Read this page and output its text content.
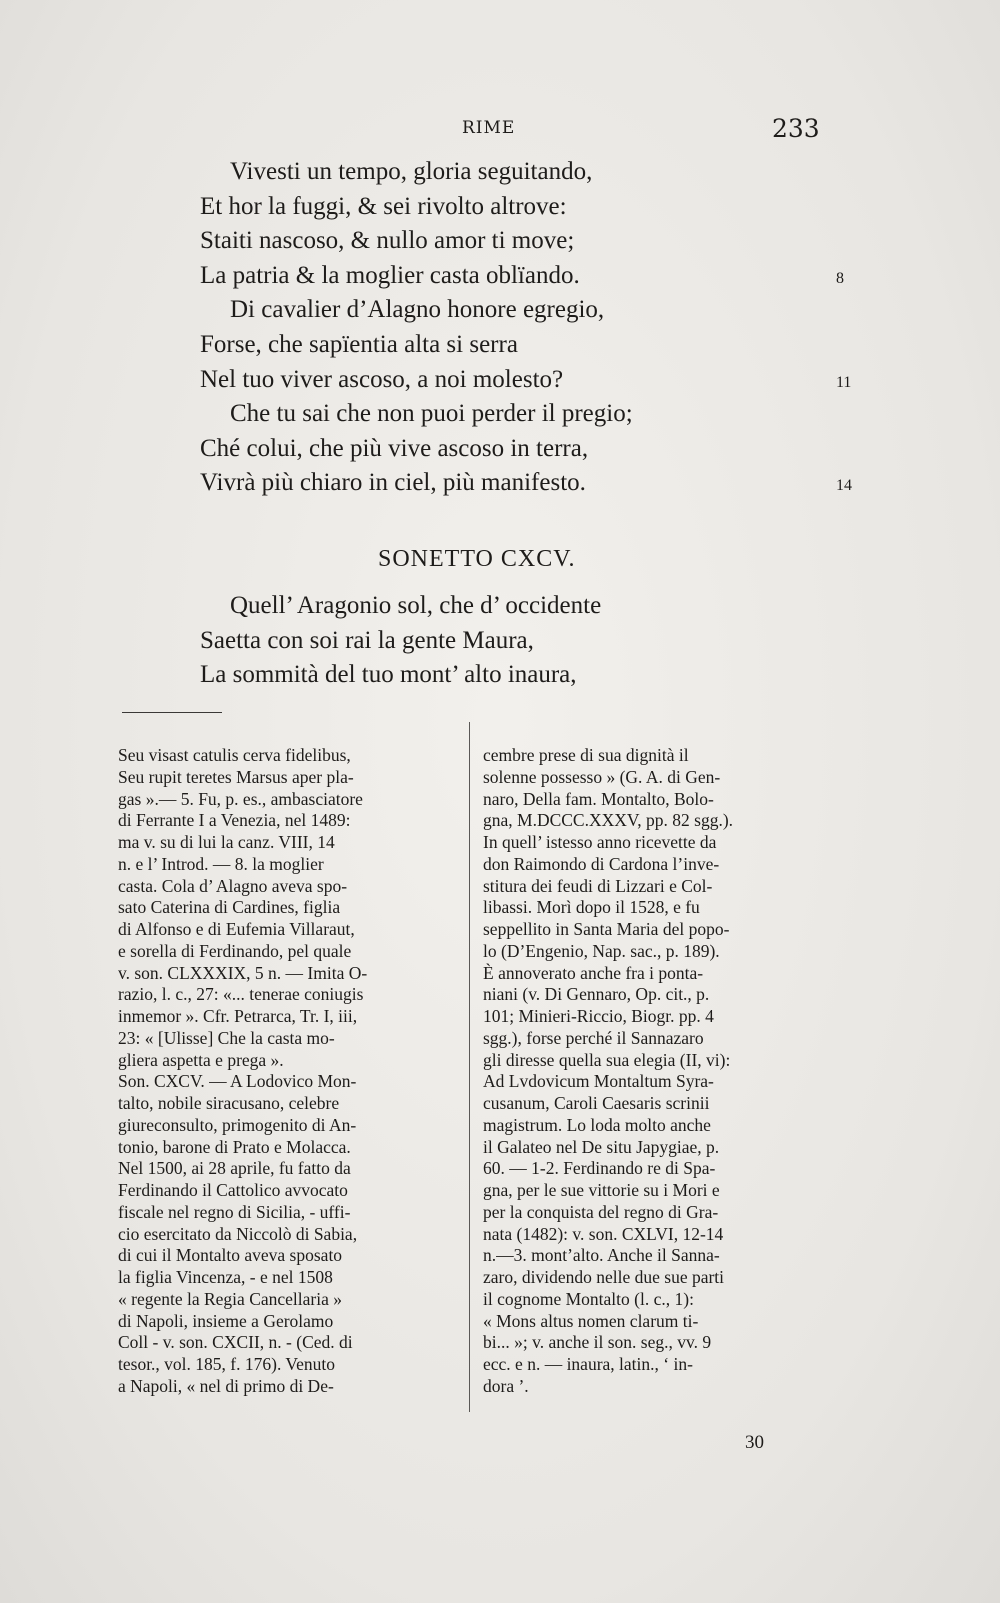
RIME	233
Vivesti un tempo, gloria seguitando,
Et hor la fuggi, & sei rivolto altrove:
Staiti nascoso, & nullo amor ti move;
La patria & la moglier casta oblïando.	8
Di cavalier d’Alagno honore egregio,
Forse, che sapïentia alta si serra
Nel tuo viver ascoso, a noi molesto?	11
Che tu sai che non puoi perder il pregio;
Ché colui, che più vive ascoso in terra,
Vivrà più chiaro in ciel, più manifesto.	14
SONETTO CXCV.
Quell’ Aragonio sol, che d’ occidente
Saetta con soi rai la gente Maura,
La sommità del tuo mont’ alto inaura,
Seu visast catulis cerva fidelibus,
Seu rupit teretes Marsus aper pla-
gas ».— 5. Fu, p. es., ambasciatore
di Ferrante I a Venezia, nel 1489:
ma v. su di lui la canz. VIII, 14
n. e l’ Introd. — 8. la moglier
casta. Cola d’ Alagno aveva spo-
sato Caterina di Cardines, figlia
di Alfonso e di Eufemia Villaraut,
e sorella di Ferdinando, pel quale
v. son. CLXXXIX, 5 n. — Imita O-
razio, l. c., 27: «... tenerae coniugis
inmemor ». Cfr. Petrarca, Tr. I, iii,
23: « [Ulisse] Che la casta mo-
gliera aspetta e prega ».
Son. CXCV. — A Lodovico Mon-
talto, nobile siracusano, celebre
giureconsulto, primogenito di An-
tonio, barone di Prato e Molacca.
Nel 1500, ai 28 aprile, fu fatto da
Ferdinando il Cattolico avvocato
fiscale nel regno di Sicilia, - uffi-
cio esercitato da Niccolò di Sabia,
di cui il Montalto aveva sposato
la figlia Vincenza, - e nel 1508
« regente la Regia Cancellaria »
di Napoli, insieme a Gerolamo
Coll - v. son. CXCII, n. - (Ced. di
tesor., vol. 185, f. 176). Venuto
a Napoli, « nel di primo di De-
cembre prese di sua dignità il
solenne possesso » (G. A. di Gen-
naro, Della fam. Montalto, Bolo-
gna, M.DCCC.XXXV, pp. 82 sgg.).
In quell’ istesso anno ricevette da
don Raimondo di Cardona l’inve-
stitura dei feudi di Lizzari e Col-
libassi. Morì dopo il 1528, e fu
seppellito in Santa Maria del popo-
lo (D’Engenio, Nap. sac., p. 189).
È annoverato anche fra i ponta-
niani (v. Di Gennaro, Op. cit., p.
101; Minieri-Riccio, Biogr. pp. 4
sgg.), forse perché il Sannazaro
gli diresse quella sua elegia (II, vi):
Ad Lvdovicum Montaltum Syra-
cusanum, Caroli Caesaris scrinii
magistrum. Lo loda molto anche
il Galateo nel De situ Japygiae, p.
60. — 1-2. Ferdinando re di Spa-
gna, per le sue vittorie su i Mori e
per la conquista del regno di Gra-
nata (1482): v. son. CXLVI, 12-14
n.—3. mont’alto. Anche il Sanna-
zaro, dividendo nelle due sue parti
il cognome Montalto (l. c., 1):
« Mons altus nomen clarum ti-
bi... »; v. anche il son. seg., vv. 9
ecc. e n. — inaura, latin., ‘ in-
dora ’.
30
